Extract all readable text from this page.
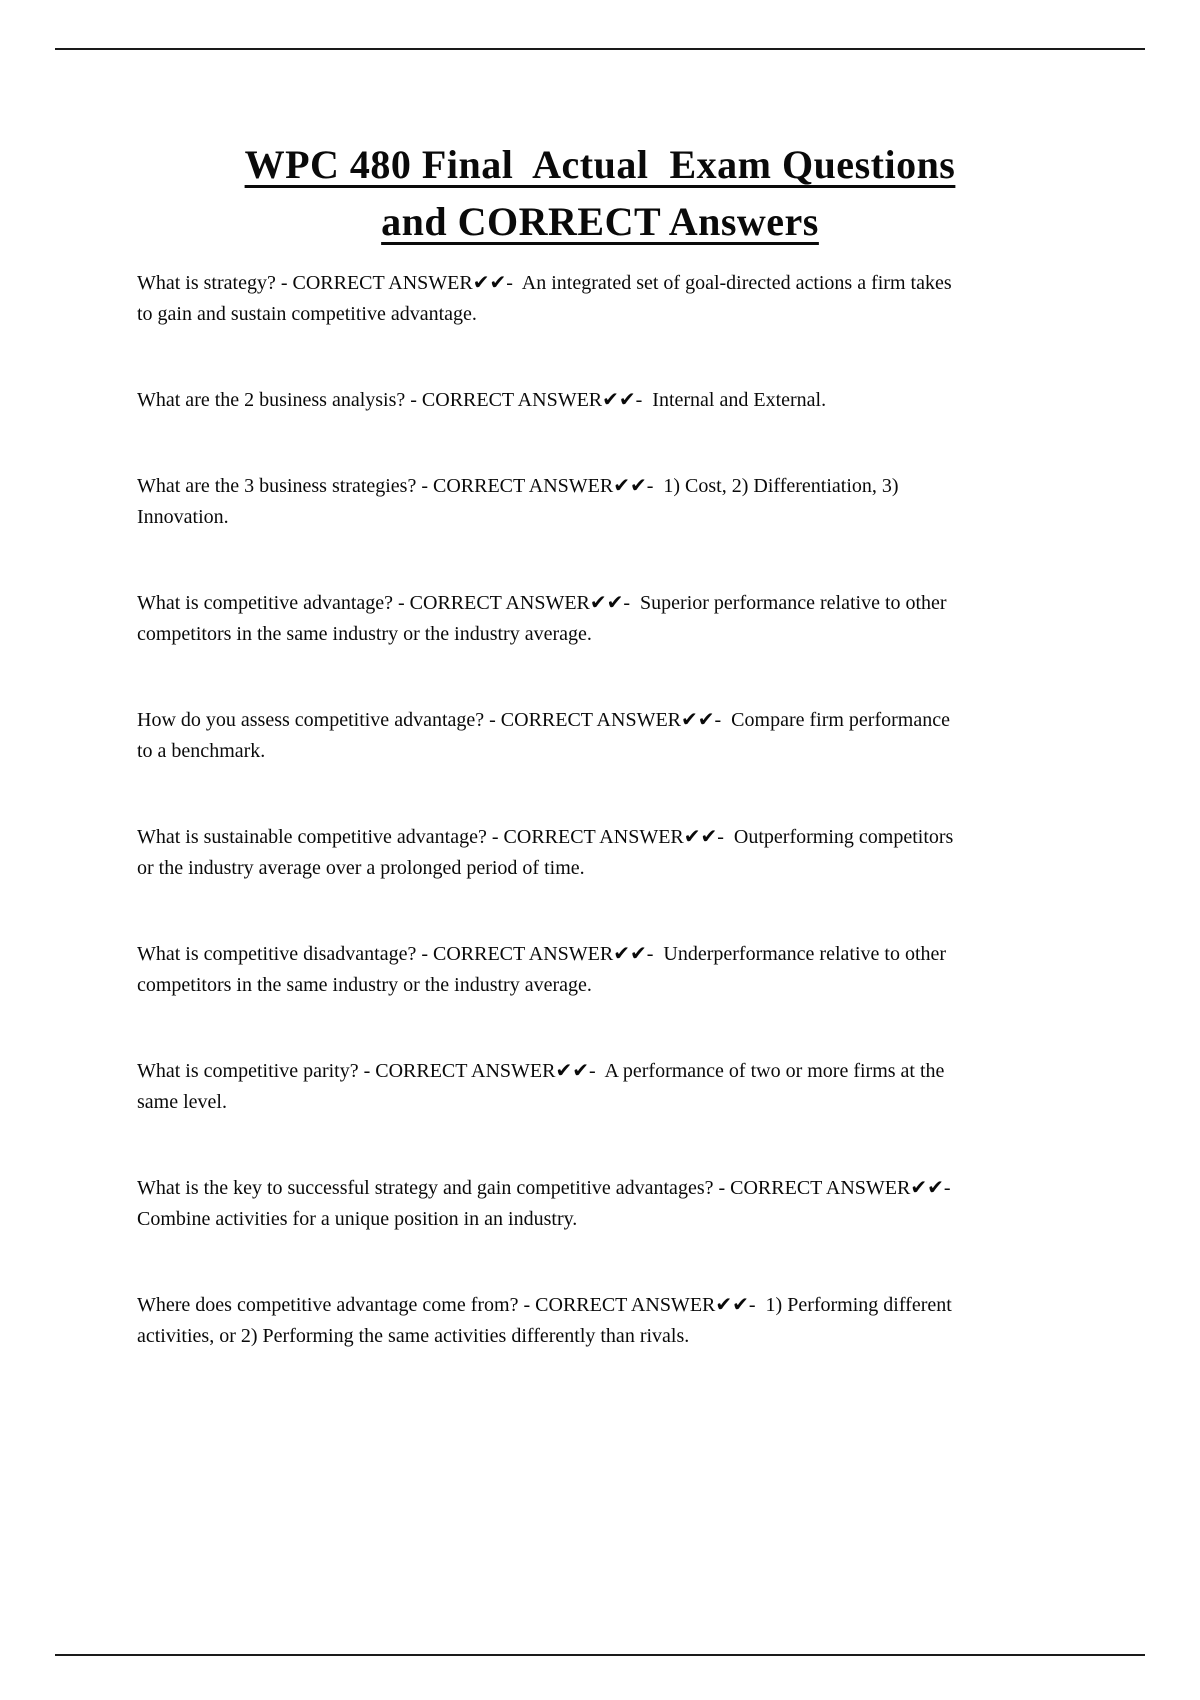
WPC 480 Final  Actual  Exam Questions
and CORRECT Answers

What is strategy? - CORRECT ANSWER✔✔-  An integrated set of goal-directed actions a firm takes to gain and sustain competitive advantage.

What are the 2 business analysis? - CORRECT ANSWER✔✔-  Internal and External.

What are the 3 business strategies? - CORRECT ANSWER✔✔-  1) Cost, 2) Differentiation, 3) Innovation.

What is competitive advantage? - CORRECT ANSWER✔✔-  Superior performance relative to other competitors in the same industry or the industry average.

How do you assess competitive advantage? - CORRECT ANSWER✔✔-  Compare firm performance to a benchmark.

What is sustainable competitive advantage? - CORRECT ANSWER✔✔-  Outperforming competitors or the industry average over a prolonged period of time.

What is competitive disadvantage? - CORRECT ANSWER✔✔-  Underperformance relative to other competitors in the same industry or the industry average.

What is competitive parity? - CORRECT ANSWER✔✔-  A performance of two or more firms at the same level.

What is the key to successful strategy and gain competitive advantages? - CORRECT ANSWER✔✔-  Combine activities for a unique position in an industry.

Where does competitive advantage come from? - CORRECT ANSWER✔✔-  1) Performing different activities, or 2) Performing the same activities differently than rivals.
